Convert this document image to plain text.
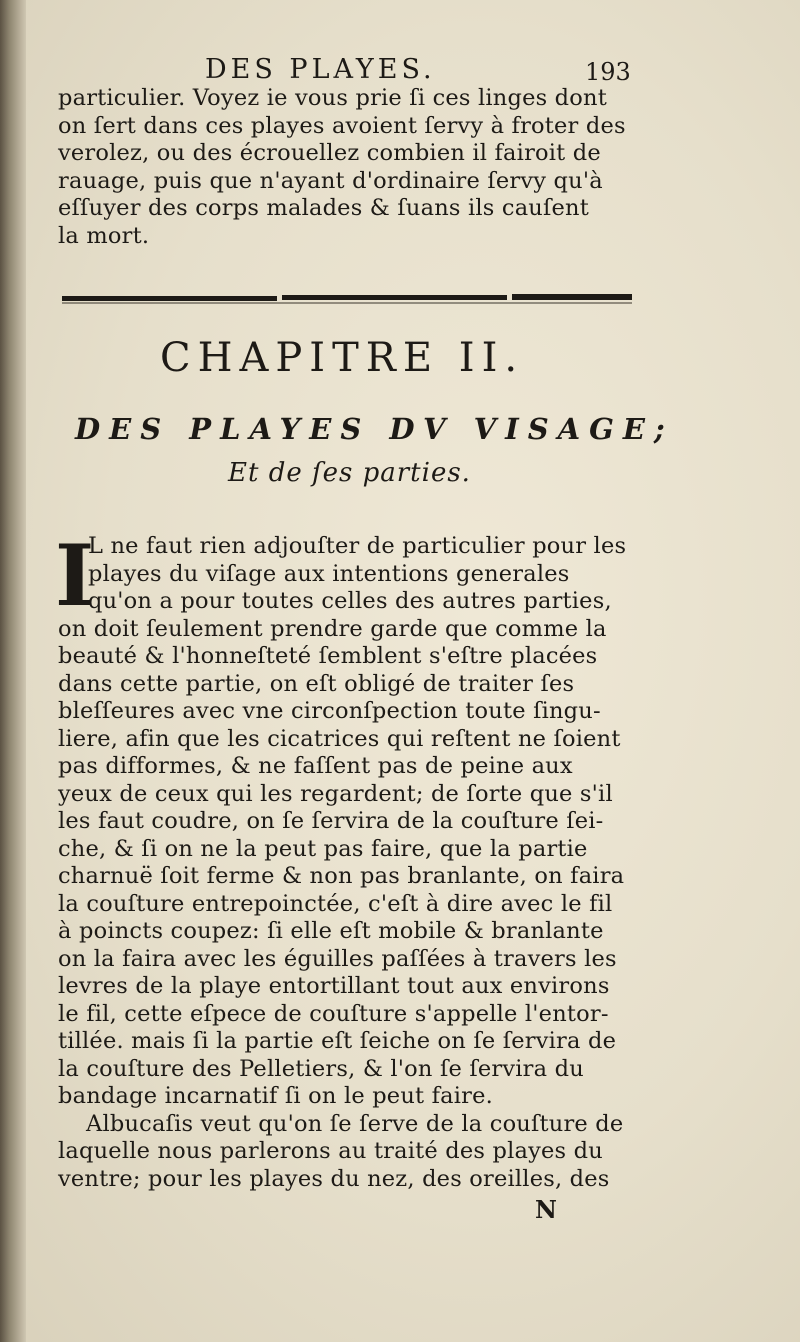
DES PLAYES.	193
particulier. Voyez ie vous prie ſi ces linges dont
on ſert dans ces playes avoient ſervy à froter des
verolez, ou des écrouellez combien il fairoit de
rauage, puis que n'ayant d'ordinaire ſervy qu'à
eſſuyer des corps malades & ſuans ils cauſent
la mort.
CHAPITRE II.
DES PLAYES DV VISAGE;
Et de ſes parties.
I
L ne faut rien adjouſter de particulier pour les
playes du viſage aux intentions generales
qu'on a pour toutes celles des autres parties,
on doit ſeulement prendre garde que comme la
beauté & l'honneſteté ſemblent s'eſtre placées
dans cette partie, on eſt obligé de traiter ſes
bleſſeures avec vne circonſpection toute ſingu-
liere, afin que les cicatrices qui reſtent ne ſoient
pas difformes, & ne faſſent pas de peine aux
yeux de ceux qui les regardent; de ſorte que s'il
les faut coudre, on ſe ſervira de la couſture ſei-
che, & ſi on ne la peut pas faire, que la partie
charnuë ſoit ferme & non pas branlante, on faira
la couſture entrepoinctée, c'eſt à dire avec le fil
à poincts coupez: ſi elle eſt mobile & branlante
on la faira avec les éguilles paſſées à travers les
levres de la playe entortillant tout aux environs
le fil, cette eſpece de couſture s'appelle l'entor-
tillée. mais ſi la partie eſt ſeiche on ſe ſervira de
la couſture des Pelletiers, & l'on ſe ſervira du
bandage incarnatif ſi on le peut faire.
Albucaſis veut qu'on ſe ſerve de la couſture de
laquelle nous parlerons au traité des playes du
ventre; pour les playes du nez, des oreilles, des
N
